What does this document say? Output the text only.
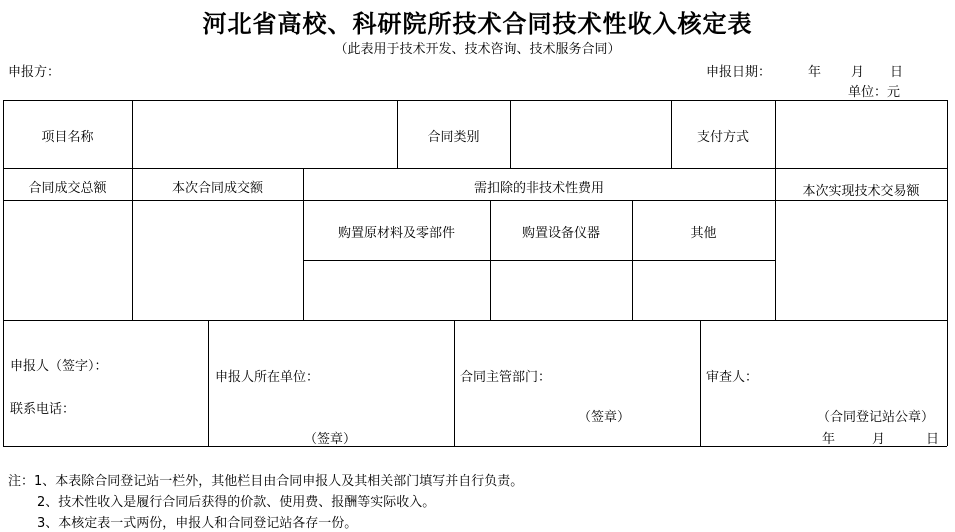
河北省高校、科研院所技术合同技术性收入核定表
（此表用于技术开发、技术咨询、技术服务合同）
申报方：	申报日期：	年 月 日
单位：元
项目名称	合同类别	支付方式
合同成交总额	本次合同成交额	需扣除的非技术性费用	本次实现技术交易额
购置原材料及零部件	购置设备仪器	其他
申报人（签字）：
联系电话：
申报人所在单位：
（签章）
合同主管部门：
（签章）
审查人：
（合同登记站公章）
年	月	日
注：1、本表除合同登记站一栏外，其他栏目由合同申报人及其相关部门填写并自行负责。
2、技术性收入是履行合同后获得的价款、使用费、报酬等实际收入。
3、本核定表一式两份，申报人和合同登记站各存一份。
